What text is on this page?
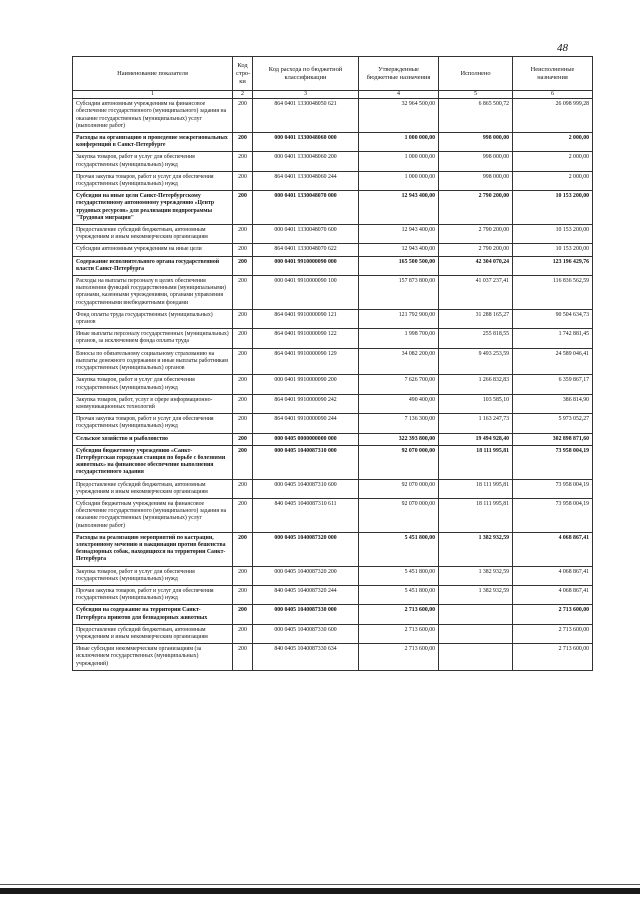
48
Наименование показателя	Код стро-ки	Код расхода по бюджетной классификации	Утвержденные бюджетные назначения	Исполнено	Неисполненные назначения
1	2	3	4	5	6
Субсидии автономным учреждениям на финансовое обеспечение государственного (муниципального) задания на оказание государственных (муниципальных) услуг (выполнение работ)	200	864 0401 1330048050 621	32 964 500,00	6 865 500,72	26 098 999,28
Расходы на организацию и проведение межрегиональных конференций в Санкт-Петербурге	200	000 0401 1330048060 000	1 000 000,00	998 000,00	2 000,00
Закупка товаров, работ и услуг для обеспечения государственных (муниципальных) нужд	200	000 0401 1330048060 200	1 000 000,00	998 000,00	2 000,00
Прочая закупка товаров, работ и услуг для обеспечения государственных (муниципальных) нужд	200	864 0401 1330048060 244	1 000 000,00	998 000,00	2 000,00
Субсидии на иные цели Санкт-Петербургскому государственному автономному учреждению «Центр трудовых ресурсов» для реализации подпрограммы "Трудовая миграция"	200	000 0401 1330048070 000	12 943 400,00	2 790 200,00	10 153 200,00
Предоставление субсидий бюджетным, автономным учреждениям и иным некоммерческим организациям	200	000 0401 1330048070 600	12 943 400,00	2 790 200,00	10 153 200,00
Субсидии автономным учреждениям на иные цели	200	864 0401 1330048070 622	12 943 400,00	2 790 200,00	10 153 200,00
Содержание исполнительного органа государственной власти Санкт-Петербурга	200	000 0401 9910000090 000	165 500 500,00	42 304 070,24	123 196 429,76
Расходы на выплаты персоналу в целях обеспечения выполнения функций государственными (муниципальными) органами, казенными учреждениями, органами управления государственными внебюджетными фондами	200	000 0401 9910000090 100	157 873 800,00	41 037 237,41	116 836 562,59
Фонд оплаты труда государственных (муниципальных) органов	200	864 0401 9910000090 121	121 792 900,00	31 288 165,27	90 504 634,73
Иные выплаты персоналу государственных (муниципальных) органов, за исключением фонда оплаты труда	200	864 0401 9910000090 122	1 998 700,00	255 818,55	1 742 881,45
Взносы по обязательному социальному страхованию на выплаты денежного содержания и иные выплаты работникам государственных (муниципальных) органов	200	864 0401 9910000090 129	34 082 200,00	9 493 253,59	24 589 046,41
Закупка товаров, работ и услуг для обеспечения государственных (муниципальных) нужд	200	000 0401 9910000090 200	7 626 700,00	1 266 832,83	6 359 867,17
Закупка товаров, работ, услуг в сфере информационно-коммуникационных технологий	200	864 0401 9910000090 242	490 400,00	103 585,10	386 814,90
Прочая закупка товаров, работ и услуг для обеспечения государственных (муниципальных) нужд	200	864 0401 9910000090 244	7 136 300,00	1 163 247,73	5 973 052,27
Сельское хозяйство и рыболовство	200	000 0405 0000000000 000	322 393 800,00	19 494 928,40	302 898 871,60
Субсидии бюджетному учреждению «Санкт-Петербургская городская станция по борьбе с болезнями животных» на финансовое обеспечение выполнения государственного задания	200	000 0405 1040087310 000	92 070 000,00	18 111 995,81	73 958 004,19
Предоставление субсидий бюджетным, автономным учреждениям и иным некоммерческим организациям	200	000 0405 1040087310 600	92 070 000,00	18 111 995,81	73 958 004,19
Субсидии бюджетным учреждениям на финансовое обеспечение государственного (муниципального) задания на оказание государственных (муниципальных) услуг (выполнение работ)	200	840 0405 1040087310 611	92 070 000,00	18 111 995,81	73 958 004,19
Расходы на реализацию мероприятий по кастрации, электронному мечению и вакцинации против бешенства безнадзорных собак, находящихся на территории Санкт-Петербурга	200	000 0405 1040087320 000	5 451 800,00	1 382 932,59	4 068 867,41
Закупка товаров, работ и услуг для обеспечения государственных (муниципальных) нужд	200	000 0405 1040087320 200	5 451 800,00	1 382 932,59	4 068 867,41
Прочая закупка товаров, работ и услуг для обеспечения государственных (муниципальных) нужд	200	840 0405 1040087320 244	5 451 800,00	1 382 932,59	4 068 867,41
Субсидии на содержание на территории Санкт-Петербурга приютов для безнадзорных животных	200	000 0405 1040087330 000	2 713 600,00		2 713 600,00
Предоставление субсидий бюджетным, автономным учреждениям и иным некоммерческим организациям	200	000 0405 1040087330 600	2 713 600,00		2 713 600,00
Иные субсидии некоммерческим организациям (за исключением государственных (муниципальных) учреждений)	200	840 0405 1040087330 634	2 713 600,00		2 713 600,00
